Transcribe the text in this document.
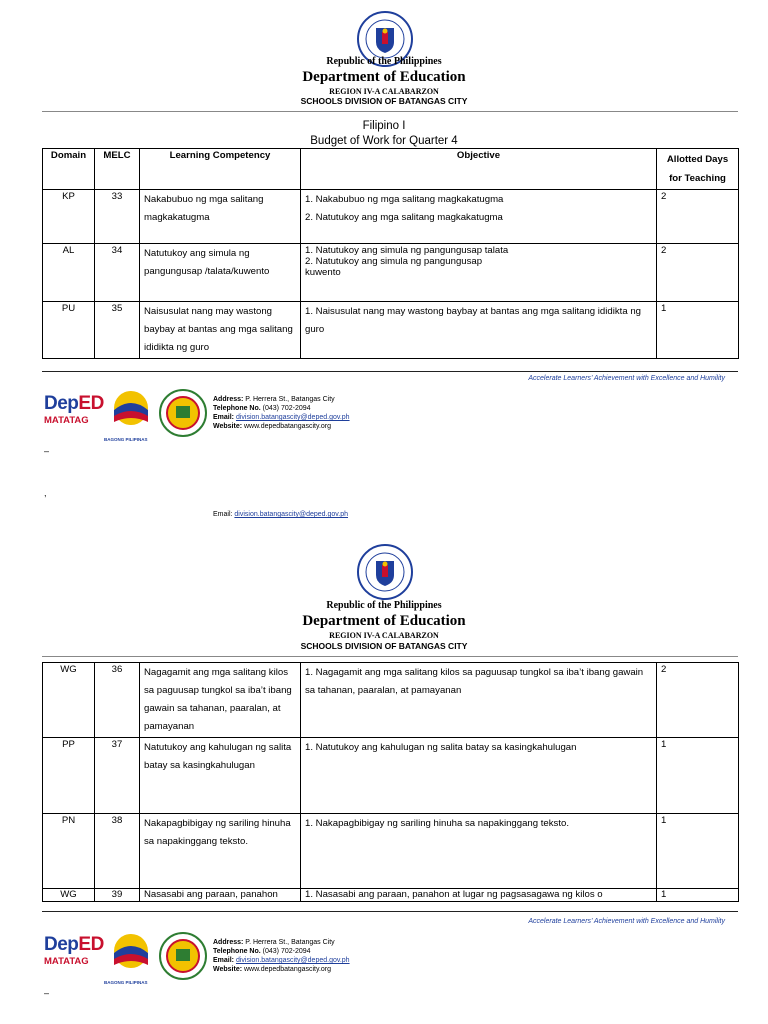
Republic of the Philippines
Department of Education
REGION IV-A CALABARZON
SCHOOLS DIVISION OF BATANGAS CITY
Filipino I
Budget of Work for Quarter 4
Domain	MELC	Learning Competency	Objective	Allotted Days for Teaching
KP	33	Nakabubuo ng mga salitang magkakatugma	1. Nakabubuo ng mga salitang magkakatugma
2. Natutukoy ang mga salitang magkakatugma	2
AL	34	Natutukoy ang simula ng pangungusap /talata/kuwento	1. Natutukoy ang simula ng pangungusap talata
2. Natutukoy ang simula ng pangungusap
kuwento	2
PU	35	Naisusulat nang may wastong baybay at bantas ang mga salitang ididikta ng guro	1. Naisusulat nang may wastong baybay at bantas ang mga salitang ididikta ng guro	1
Accelerate Learners’ Achievement with Excellence and Humility
DepED
MATATAG
BAGONG PILIPINAS
Address: P. Herrera St., Batangas City
Telephone No. (043) 702-2094
Email: division.batangascity@deped.gov.ph
Website: www.depedbatangascity.org
–
,
Email: division.batangascity@deped.gov.ph
Republic of the Philippines
Department of Education
REGION IV-A CALABARZON
SCHOOLS DIVISION OF BATANGAS CITY
WG	36	Nagagamit ang mga salitang kilos sa paguusap tungkol sa iba’t ibang gawain sa tahanan, paaralan, at pamayanan	1. Nagagamit ang mga salitang kilos sa paguusap tungkol sa iba’t ibang gawain sa tahanan, paaralan, at pamayanan	2
PP	37	Natutukoy ang kahulugan ng salita batay sa kasingkahulugan	1. Natutukoy ang kahulugan ng salita batay sa kasingkahulugan	1
PN	38	Nakapagbibigay ng sariling hinuha sa napakinggang teksto.	1. Nakapagbibigay ng sariling hinuha sa napakinggang teksto.	1
WG	39	Nasasabi ang paraan, panahon	1. Nasasabi ang paraan, panahon at lugar ng pagsasagawa ng kilos o	1
Accelerate Learners’ Achievement with Excellence and Humility
DepED
MATATAG
BAGONG PILIPINAS
Address: P. Herrera St., Batangas City
Telephone No. (043) 702-2094
Email: division.batangascity@deped.gov.ph
Website: www.depedbatangascity.org
–
